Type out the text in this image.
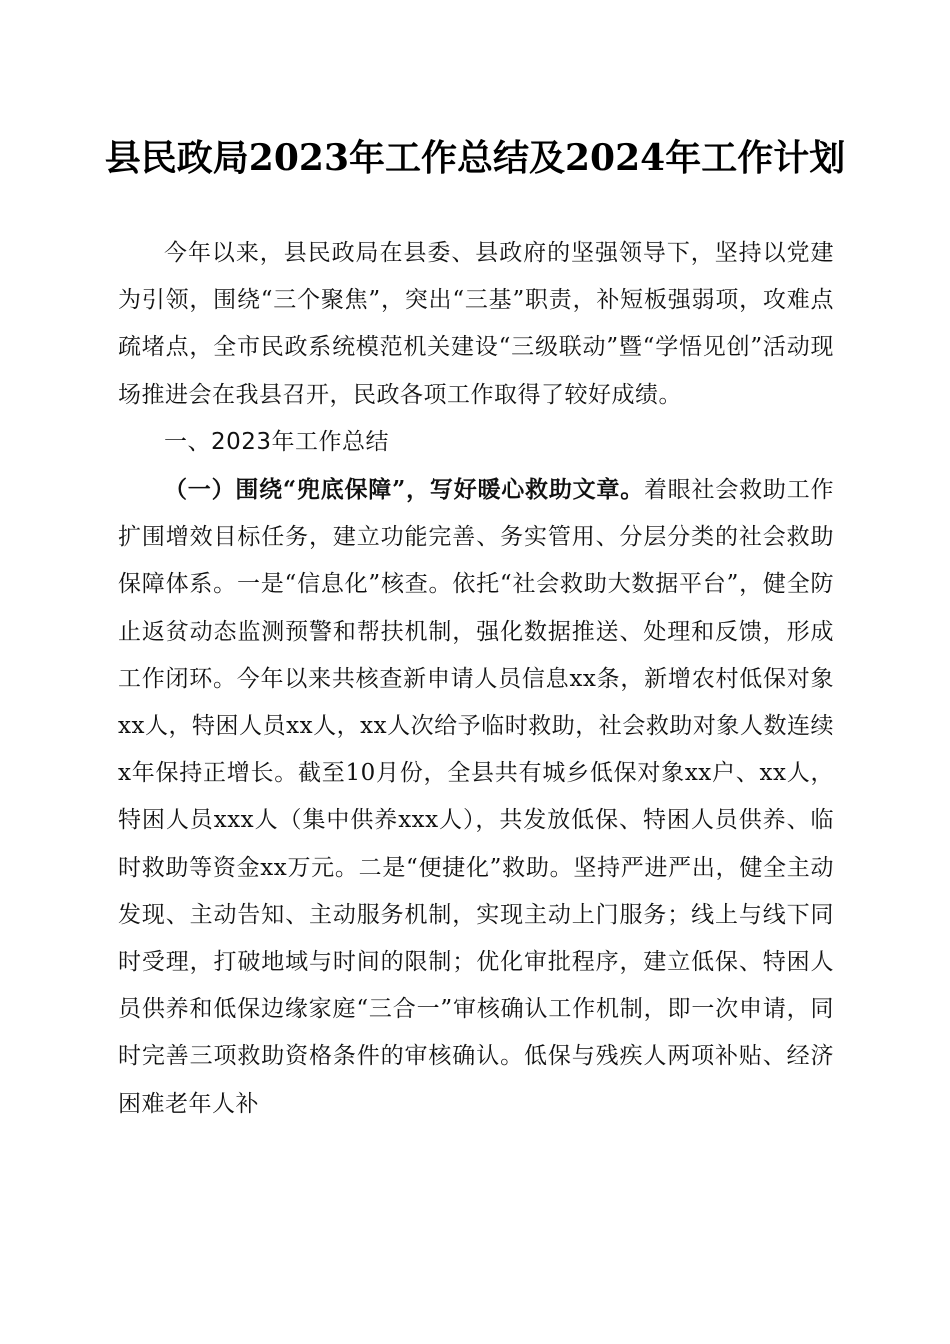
县民政局2023年工作总结及2024年工作计划

今年以来，县民政局在县委、县政府的坚强领导下，坚持以党建为引领，围绕“三个聚焦”，突出“三基”职责，补短板强弱项，攻难点疏堵点，全市民政系统模范机关建设“三级联动”暨“学悟见创”活动现场推进会在我县召开，民政各项工作取得了较好成绩。

一、2023年工作总结

（一）围绕“兜底保障”，写好暖心救助文章。着眼社会救助工作扩围增效目标任务，建立功能完善、务实管用、分层分类的社会救助保障体系。一是“信息化”核查。依托“社会救助大数据平台”，健全防止返贫动态监测预警和帮扶机制，强化数据推送、处理和反馈，形成工作闭环。今年以来共核查新申请人员信息xx条，新增农村低保对象xx人，特困人员xx人，xx人次给予临时救助，社会救助对象人数连续x年保持正增长。截至10月份，全县共有城乡低保对象xx户、xx人，特困人员xxx人（集中供养xxx人），共发放低保、特困人员供养、临时救助等资金xx万元。二是“便捷化”救助。坚持严进严出，健全主动发现、主动告知、主动服务机制，实现主动上门服务；线上与线下同时受理，打破地域与时间的限制；优化审批程序，建立低保、特困人员供养和低保边缘家庭“三合一”审核确认工作机制，即一次申请，同时完善三项救助资格条件的审核确认。低保与残疾人两项补贴、经济困难老年人补
